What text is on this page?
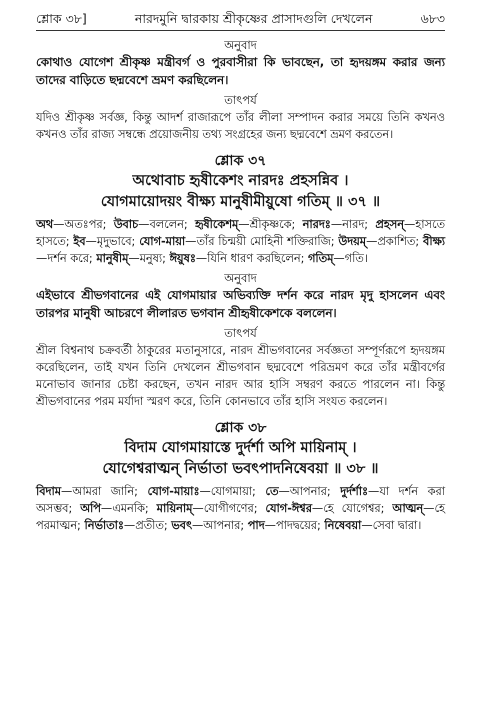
শ্লোক ৩৮]	নারদমুনি দ্বারকায় শ্রীকৃষ্ণের প্রাসাদগুলি দেখলেন	৬৮৩
অনুবাদ

কোথাও যোগেশ শ্রীকৃষ্ণ মন্ত্রীবর্গ ও পুরবাসীরা কি ভাবছেন, তা হৃদয়ঙ্গম করার জন্য তাদের বাড়িতে ছদ্মবেশে ভ্রমণ করছিলেন।

তাৎপর্য

যদিও শ্রীকৃষ্ণ সর্বজ্ঞ, কিন্তু আদর্শ রাজারূপে তাঁর লীলা সম্পাদন করার সময়ে তিনি কখনও কখনও তাঁর রাজ্য সম্বন্ধে প্রয়োজনীয় তথ্য সংগ্রহের জন্য ছদ্মবেশে ভ্রমণ করতেন।

শ্লোক ৩৭

অথোবাচ হৃষীকেশং নারদঃ প্রহসন্নিব ।

যোগমায়োদয়ং বীক্ষ্য মানুষীমীয়ুষো গতিম্ ॥ ৩৭ ॥

অথ—অতঃপর; উবাচ—বললেন; হৃষীকেশম্—শ্রীকৃষ্ণকে; নারদঃ—নারদ; প্রহসন্—হাসতে হাসতে; ইব—মৃদুভাবে; যোগ-মায়া—তাঁর চিন্ময়ী মোহিনী শক্তিরাজি; উদয়ম্—প্রকাশিত; বীক্ষ্য—দর্শন করে; মানুষীম্—মনুষ্য; ঈয়ুষঃ—যিনি ধারণ করছিলেন; গতিম্—গতি।

অনুবাদ

এইভাবে শ্রীভগবানের এই যোগমায়ার অভিব্যক্তি দর্শন করে নারদ মৃদু হাসলেন এবং তারপর মানুষী আচরণে লীলারত ভগবান শ্রীহৃষীকেশকে বললেন।

তাৎপর্য

শ্রীল বিশ্বনাথ চক্রবর্তী ঠাকুরের মতানুসারে, নারদ শ্রীভগবানের সর্বজ্ঞতা সম্পূর্ণরূপে হৃদয়ঙ্গম করেছিলেন, তাই যখন তিনি দেখলেন শ্রীভগবান ছদ্মবেশে পরিভ্রমণ করে তাঁর মন্ত্রীবর্গের মনোভাব জানার চেষ্টা করছেন, তখন নারদ আর হাসি সম্বরণ করতে পারলেন না। কিন্তু শ্রীভগবানের পরম মর্যাদা স্মরণ করে, তিনি কোনভাবে তাঁর হাসি সংযত করলেন।

শ্লোক ৩৮

বিদাম যোগমায়াস্তে দুর্দর্শা অপি মায়িনাম্ ।

যোগেশ্বরাত্মন্ নির্ভাতা ভবৎপাদনিষেবয়া ॥ ৩৮ ॥

বিদাম—আমরা জানি; যোগ-মায়াঃ—যোগমায়া; তে—আপনার; দুর্দর্শাঃ—যা দর্শন করা অসম্ভব; অপি—এমনকি; মায়িনাম্—যোগীগণের; যোগ-ঈশ্বর—হে যোগেশ্বর; আত্মন্—হে পরমাত্মন; নির্ভাতাঃ—প্রতীত; ভবৎ—আপনার; পাদ—পাদদ্বয়ের; নিষেবয়া—সেবা দ্বারা।
